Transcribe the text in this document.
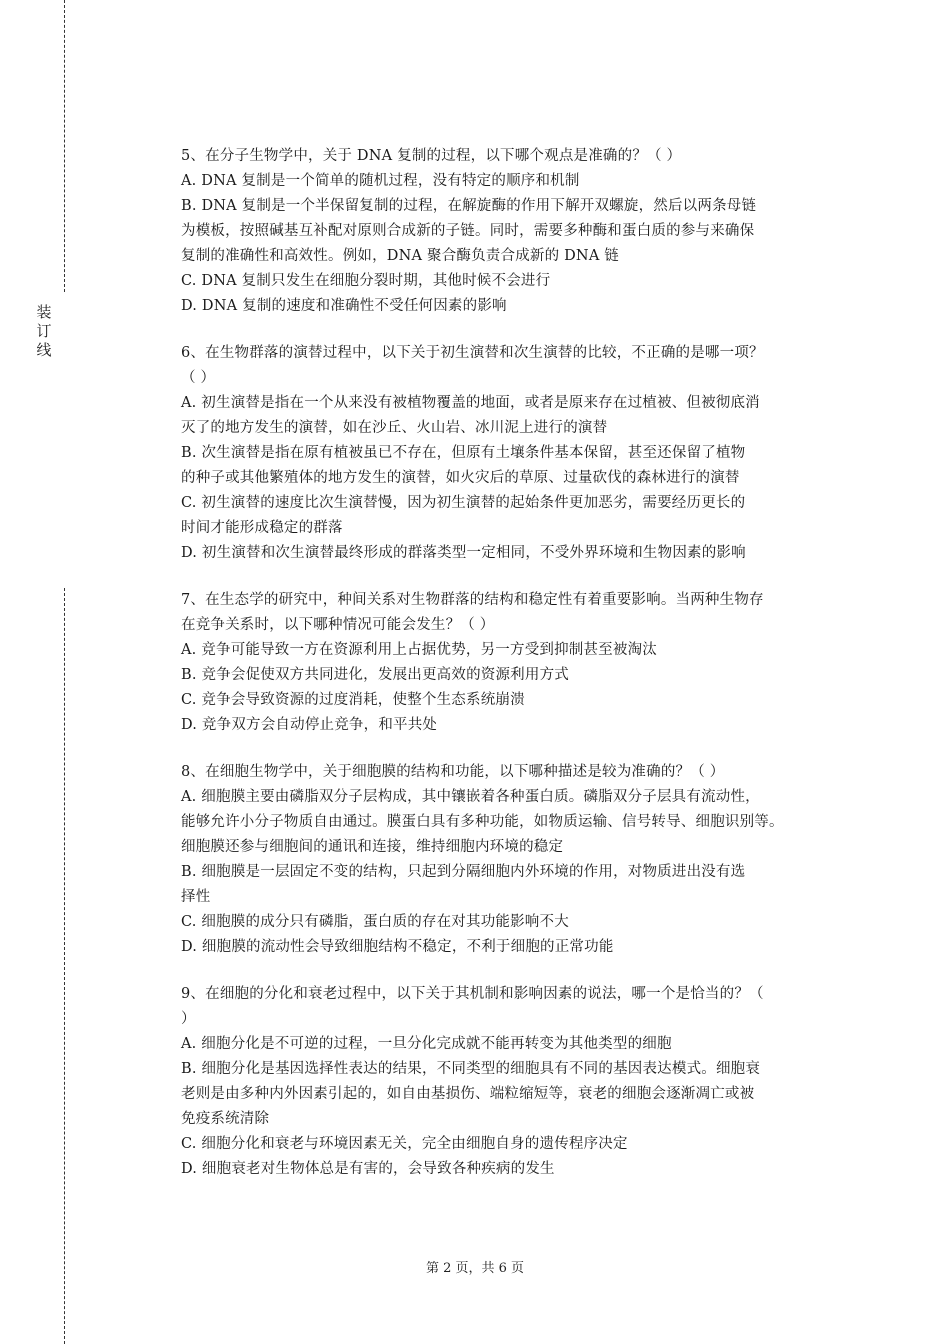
装
订
线
5、在分子生物学中，关于 DNA 复制的过程，以下哪个观点是准确的？（ ）
A. DNA 复制是一个简单的随机过程，没有特定的顺序和机制
B. DNA 复制是一个半保留复制的过程，在解旋酶的作用下解开双螺旋，然后以两条母链
为模板，按照碱基互补配对原则合成新的子链。同时，需要多种酶和蛋白质的参与来确保
复制的准确性和高效性。例如，DNA 聚合酶负责合成新的 DNA 链
C. DNA 复制只发生在细胞分裂时期，其他时候不会进行
D. DNA 复制的速度和准确性不受任何因素的影响
6、在生物群落的演替过程中，以下关于初生演替和次生演替的比较，不正确的是哪一项？
（ ）
A. 初生演替是指在一个从来没有被植物覆盖的地面，或者是原来存在过植被、但被彻底消
灭了的地方发生的演替，如在沙丘、火山岩、冰川泥上进行的演替
B. 次生演替是指在原有植被虽已不存在，但原有土壤条件基本保留，甚至还保留了植物
的种子或其他繁殖体的地方发生的演替，如火灾后的草原、过量砍伐的森林进行的演替
C. 初生演替的速度比次生演替慢，因为初生演替的起始条件更加恶劣，需要经历更长的
时间才能形成稳定的群落
D. 初生演替和次生演替最终形成的群落类型一定相同，不受外界环境和生物因素的影响
7、在生态学的研究中，种间关系对生物群落的结构和稳定性有着重要影响。当两种生物存
在竞争关系时，以下哪种情况可能会发生？（ ）
A. 竞争可能导致一方在资源利用上占据优势，另一方受到抑制甚至被淘汰
B. 竞争会促使双方共同进化，发展出更高效的资源利用方式
C. 竞争会导致资源的过度消耗，使整个生态系统崩溃
D. 竞争双方会自动停止竞争，和平共处
8、在细胞生物学中，关于细胞膜的结构和功能，以下哪种描述是较为准确的？（ ）
A. 细胞膜主要由磷脂双分子层构成，其中镶嵌着各种蛋白质。磷脂双分子层具有流动性，
能够允许小分子物质自由通过。膜蛋白具有多种功能，如物质运输、信号转导、细胞识别等。
细胞膜还参与细胞间的通讯和连接，维持细胞内环境的稳定
B. 细胞膜是一层固定不变的结构，只起到分隔细胞内外环境的作用，对物质进出没有选
择性
C. 细胞膜的成分只有磷脂，蛋白质的存在对其功能影响不大
D. 细胞膜的流动性会导致细胞结构不稳定，不利于细胞的正常功能
9、在细胞的分化和衰老过程中，以下关于其机制和影响因素的说法，哪一个是恰当的？（
）
A. 细胞分化是不可逆的过程，一旦分化完成就不能再转变为其他类型的细胞
B. 细胞分化是基因选择性表达的结果，不同类型的细胞具有不同的基因表达模式。细胞衰
老则是由多种内外因素引起的，如自由基损伤、端粒缩短等，衰老的细胞会逐渐凋亡或被
免疫系统清除
C. 细胞分化和衰老与环境因素无关，完全由细胞自身的遗传程序决定
D. 细胞衰老对生物体总是有害的，会导致各种疾病的发生
第 2 页，共 6 页
